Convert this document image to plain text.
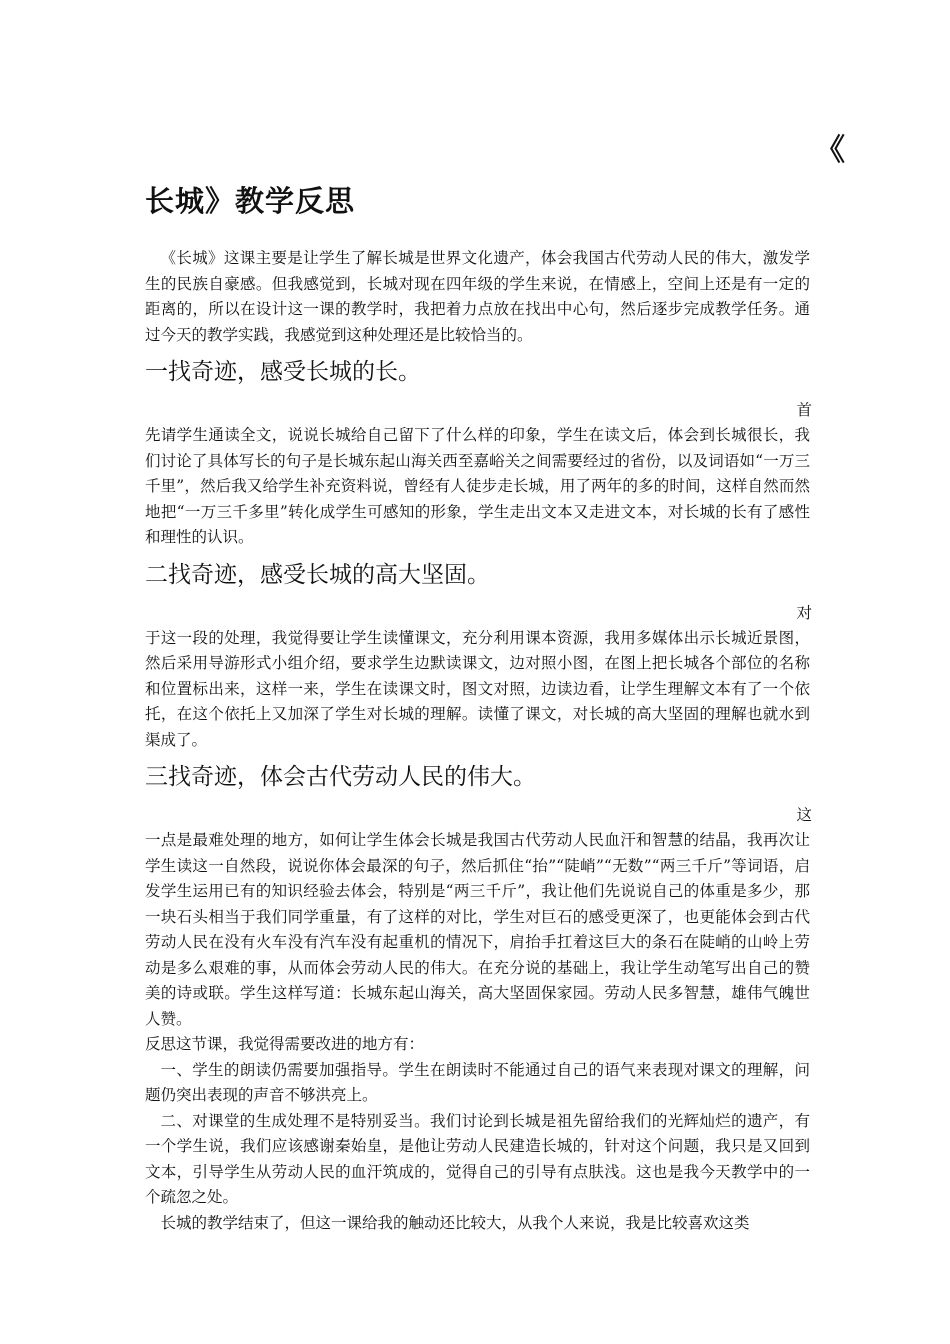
《
长城》教学反思

《长城》这课主要是让学生了解长城是世界文化遗产，体会我国古代劳动人民的伟大，激发学生的民族自豪感。但我感觉到，长城对现在四年级的学生来说，在情感上，空间上还是有一定的距离的，所以在设计这一课的教学时，我把着力点放在找出中心句，然后逐步完成教学任务。通过今天的教学实践，我感觉到这种处理还是比较恰当的。

一找奇迹，感受长城的长。

首

先请学生通读全文，说说长城给自己留下了什么样的印象，学生在读文后，体会到长城很长，我们讨论了具体写长的句子是长城东起山海关西至嘉峪关之间需要经过的省份，以及词语如“一万三千里”，然后我又给学生补充资料说，曾经有人徒步走长城，用了两年的多的时间，这样自然而然地把“一万三千多里”转化成学生可感知的形象，学生走出文本又走进文本，对长城的长有了感性和理性的认识。

二找奇迹，感受长城的高大坚固。

对

于这一段的处理，我觉得要让学生读懂课文，充分利用课本资源，我用多媒体出示长城近景图，然后采用导游形式小组介绍，要求学生边默读课文，边对照小图，在图上把长城各个部位的名称和位置标出来，这样一来，学生在读课文时，图文对照，边读边看，让学生理解文本有了一个依托，在这个依托上又加深了学生对长城的理解。读懂了课文，对长城的高大坚固的理解也就水到渠成了。

三找奇迹，体会古代劳动人民的伟大。

这

一点是最难处理的地方，如何让学生体会长城是我国古代劳动人民血汗和智慧的结晶，我再次让学生读这一自然段，说说你体会最深的句子，然后抓住“抬”“陡峭”“无数”“两三千斤”等词语，启发学生运用已有的知识经验去体会，特别是“两三千斤”，我让他们先说说自己的体重是多少，那一块石头相当于我们同学重量，有了这样的对比，学生对巨石的感受更深了，也更能体会到古代劳动人民在没有火车没有汽车没有起重机的情况下，肩抬手扛着这巨大的条石在陡峭的山岭上劳动是多么艰难的事，从而体会劳动人民的伟大。在充分说的基础上，我让学生动笔写出自己的赞美的诗或联。学生这样写道：长城东起山海关，高大坚固保家园。劳动人民多智慧，雄伟气魄世人赞。

反思这节课，我觉得需要改进的地方有：

一、学生的朗读仍需要加强指导。学生在朗读时不能通过自己的语气来表现对课文的理解，问题仍突出表现的声音不够洪亮上。

二、对课堂的生成处理不是特别妥当。我们讨论到长城是祖先留给我们的光辉灿烂的遗产，有一个学生说，我们应该感谢秦始皇，是他让劳动人民建造长城的，针对这个问题，我只是又回到文本，引导学生从劳动人民的血汗筑成的，觉得自己的引导有点肤浅。这也是我今天教学中的一个疏忽之处。

长城的教学结束了，但这一课给我的触动还比较大，从我个人来说，我是比较喜欢这类
